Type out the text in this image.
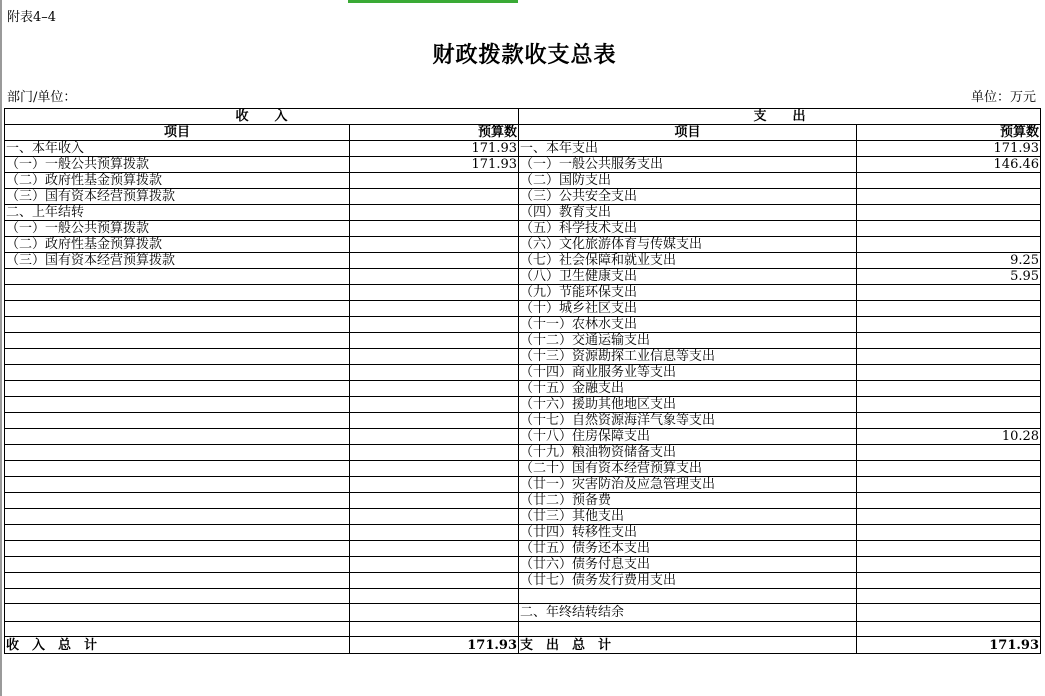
附表4–4
财政拨款收支总表
部门/单位：	单位：万元
收　　入		支　　出	
项目	预算数	项目	预算数
一、本年收入	171.93	一、本年支出	171.93
（一）一般公共预算拨款	171.93	（一）一般公共服务支出	146.46
（二）政府性基金预算拨款		（二）国防支出	
（三）国有资本经营预算拨款		（三）公共安全支出	
二、上年结转		（四）教育支出	
（一）一般公共预算拨款		（五）科学技术支出	
（二）政府性基金预算拨款		（六）文化旅游体育与传媒支出	
（三）国有资本经营预算拨款		（七）社会保障和就业支出	9.25
		（八）卫生健康支出	5.95
		（九）节能环保支出	
		（十）城乡社区支出	
		（十一）农林水支出	
		（十二）交通运输支出	
		（十三）资源勘探工业信息等支出	
		（十四）商业服务业等支出	
		（十五）金融支出	
		（十六）援助其他地区支出	
		（十七）自然资源海洋气象等支出	
		（十八）住房保障支出	10.28
		（十九）粮油物资储备支出	
		（二十）国有资本经营预算支出	
		（廿一）灾害防治及应急管理支出	
		（廿二）预备费	
		（廿三）其他支出	
		（廿四）转移性支出	
		（廿五）债务还本支出	
		（廿六）债务付息支出	
		（廿七）债务发行费用支出	

		二、年终结转结余	

收　入　总　计	171.93	支　出　总　计	171.93
